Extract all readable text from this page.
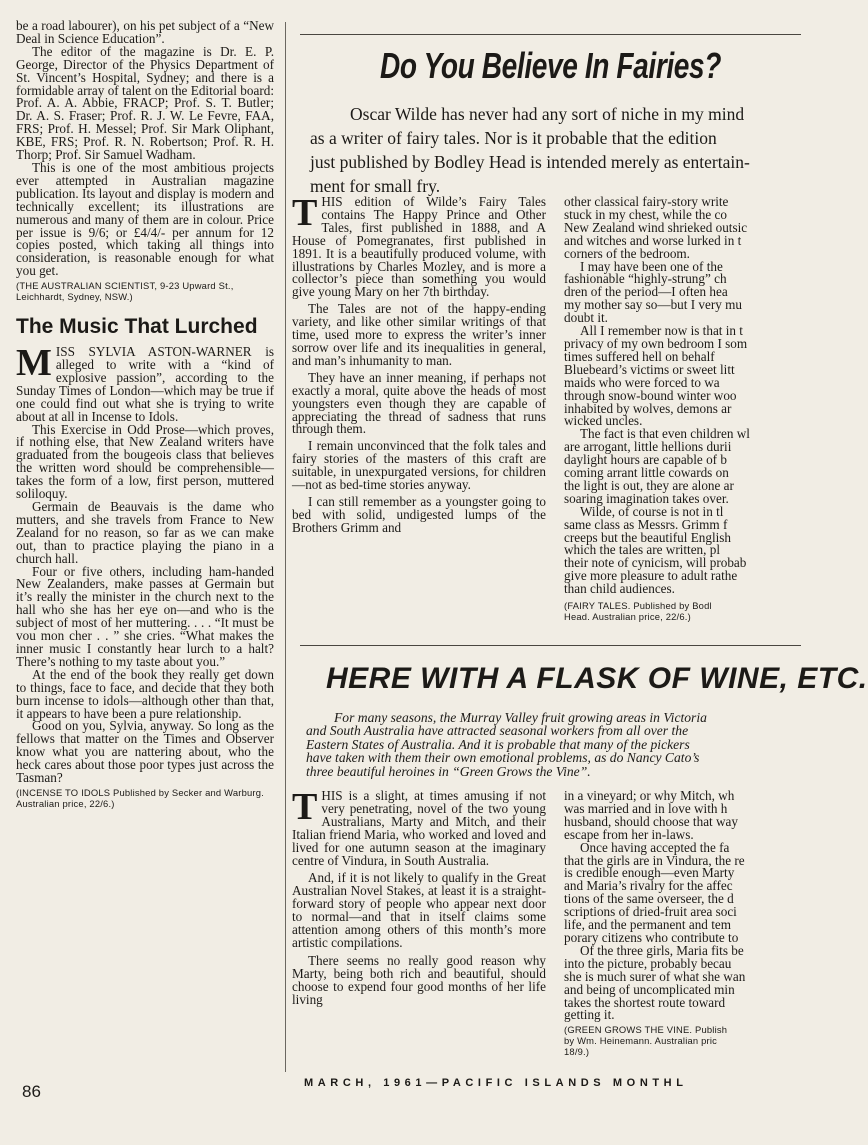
be a road labourer), on his pet subject of a “New Deal in Science Education”.

The editor of the magazine is Dr. E. P. George, Director of the Physics Department of St. Vincent’s Hospital, Sydney; and there is a formidable array of talent on the Editorial board: Prof. A. A. Abbie, FRACP; Prof. S. T. Butler; Dr. A. S. Fraser; Prof. R. J. W. Le Fevre, FAA, FRS; Prof. H. Messel; Prof. Sir Mark Oliphant, KBE, FRS; Prof. R. N. Robertson; Prof. R. H. Thorp; Prof. Sir Samuel Wadham.

This is one of the most ambitious projects ever attempted in Australian magazine publication. Its layout and display is modern and technically excellent; its illustrations are numerous and many of them are in colour. Price per issue is 9/6; or £4/4/- per annum for 12 copies posted, which taking all things into consideration, is reasonable enough for what you get.

(THE AUSTRALIAN SCIENTIST, 9-23 Upward St., Leichhardt, Sydney, NSW.)
The Music That Lurched

MISS SYLVIA ASTON-WARNER is alleged to write with a “kind of explosive passion”, according to the Sunday Times of London—which may be true if one could find out what she is trying to write about at all in Incense to Idols.

This Exercise in Odd Prose—which proves, if nothing else, that New Zealand writers have graduated from the bougeois class that believes the written word should be comprehensible—takes the form of a low, first person, muttered soliloquy.

Germain de Beauvais is the dame who mutters, and she travels from France to New Zealand for no reason, so far as we can make out, than to practice playing the piano in a church hall.

Four or five others, including ham-handed New Zealanders, make passes at Germain but it’s really the minister in the church next to the hall who she has her eye on—and who is the subject of most of her muttering. . . . “It must be vou mon cher . . ” she cries. “What makes the inner music I constantly hear lurch to a halt? There’s nothing to my taste about you.”

At the end of the book they really get down to things, face to face, and decide that they both burn incense to idols—although other than that, it appears to have been a pure relationship.

Good on you, Sylvia, anyway. So long as the fellows that matter on the Times and Observer know what you are nattering about, who the heck cares about those poor types just across the Tasman?

(INCENSE TO IDOLS Published by Secker and Warburg. Australian price, 22/6.)
86
Do You Believe In Fairies?
Oscar Wilde has never had any sort of niche in my mind
as a writer of fairy tales. Nor is it probable that the edition
just published by Bodley Head is intended merely as entertain-
ment for small fry.

THIS edition of Wilde’s Fairy Tales contains The Happy Prince and Other Tales, first published in 1888, and A House of Pomegranates, first published in 1891. It is a beautifully produced volume, with illustrations by Charles Mozley, and is more a collector’s piece than something you would give young Mary on her 7th birthday.

The Tales are not of the happy-ending variety, and like other similar writings of that time, used more to express the writer’s inner sorrow over life and its inequalities in general, and man’s inhumanity to man.

They have an inner meaning, if perhaps not exactly a moral, quite above the heads of most youngsters even though they are capable of appreciating the thread of sadness that runs through them.

I remain unconvinced that the folk tales and fairy stories of the masters of this craft are suitable, in unexpurgated versions, for children—not as bed-time stories anyway.

I can still remember as a youngster going to bed with solid, undigested lumps of the Brothers Grimm and

other classical fairy-story write
stuck in my chest, while the co
New Zealand wind shrieked outsic
and witches and worse lurked in t
corners of the bedroom.
I may have been one of the
fashionable “highly-strung” ch
dren of the period—I often hea
my mother say so—but I very mu
doubt it.
All I remember now is that in t
privacy of my own bedroom I som
times suffered hell on behalf
Bluebeard’s victims or sweet litt
maids who were forced to wa
through snow-bound winter woo
inhabited by wolves, demons ar
wicked uncles.
The fact is that even children wl
are arrogant, little hellions durii
daylight hours are capable of b
coming arrant little cowards on
the light is out, they are alone ar
soaring imagination takes over.
Wilde, of course is not in tl
same class as Messrs. Grimm f
creeps but the beautiful English
which the tales are written, pl
their note of cynicism, will probab
give more pleasure to adult rathe
than child audiences.
(FAIRY TALES. Published by Bodl
Head. Australian price, 22/6.)
HERE WITH A FLASK OF WINE, ETC.
For many seasons, the Murray Valley fruit growing areas in Victoria
and South Australia have attracted seasonal workers from all over the
Eastern States of Australia. And it is probable that many of the pickers
have taken with them their own emotional problems, as do Nancy Cato’s
three beautiful heroines in “Green Grows the Vine”.

THIS is a slight, at times amusing if not very penetrating, novel of the two young Australians, Marty and Mitch, and their Italian friend Maria, who worked and loved and lived for one autumn season at the imaginary centre of Vindura, in South Australia.

And, if it is not likely to qualify in the Great Australian Novel Stakes, at least it is a straight-forward story of people who appear next door to normal—and that in itself claims some attention among others of this month’s more artistic compilations.

There seems no really good reason why Marty, being both rich and beautiful, should choose to expend four good months of her life living

in a vineyard; or why Mitch, wh
was married and in love with h
husband, should choose that way
escape from her in-laws.
Once having accepted the fa
that the girls are in Vindura, the re
is credible enough—even Marty
and Maria’s rivalry for the affec
tions of the same overseer, the d
scriptions of dried-fruit area soci
life, and the permanent and tem
porary citizens who contribute to
Of the three girls, Maria fits be
into the picture, probably becau
she is much surer of what she wan
and being of uncomplicated min
takes the shortest route toward
getting it.
(GREEN GROWS THE VINE. Publish
by Wm. Heinemann. Australian pric
18/9.)
MARCH, 1961—PACIFIC ISLANDS MONTHL
